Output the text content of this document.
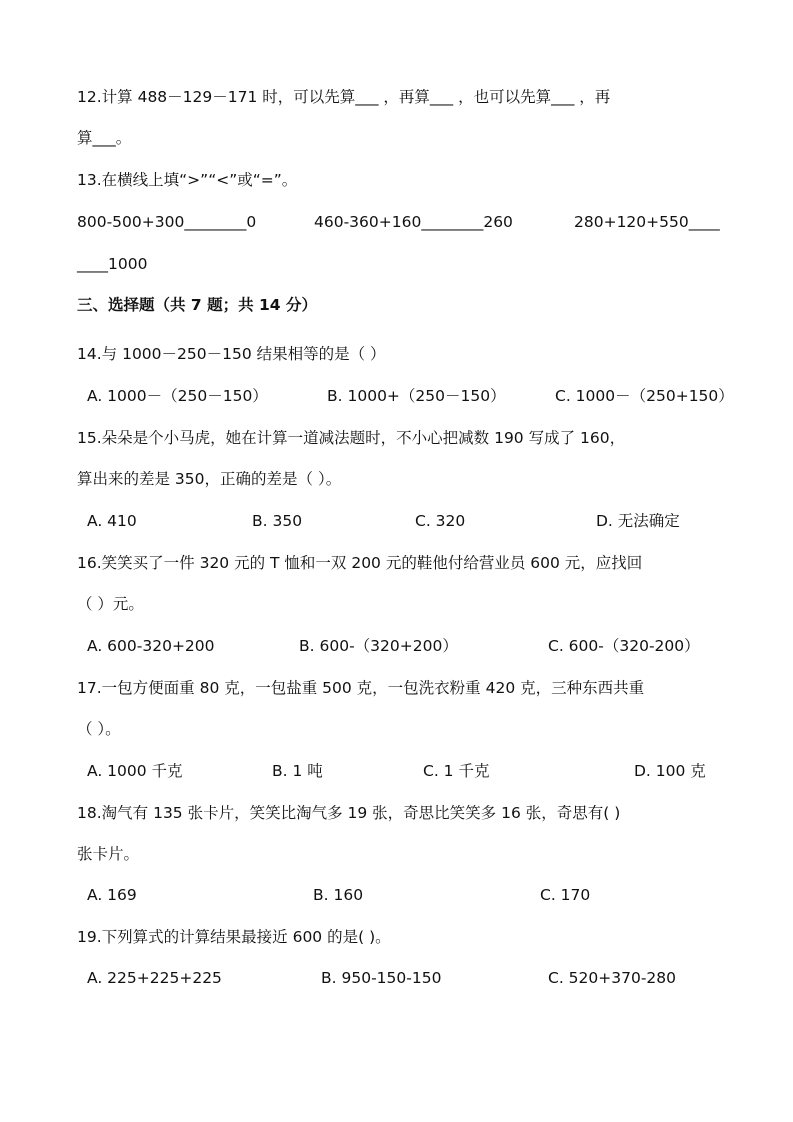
12.计算 488－129－171 时，可以先算___ ，再算___ ，也可以先算___ ，再
算___。
13.在横线上填“>”“<”或“=”。
800-500+300________0	460-360+160________260	280+120+550____
____1000
三、选择题（共 7 题；共 14 分）
14.与 1000－250－150 结果相等的是（ ）
A. 1000－（250－150）	B. 1000+（250－150）	C. 1000－（250+150）
15.朵朵是个小马虎，她在计算一道减法题时，不小心把减数 190 写成了 160，
算出来的差是 350，正确的差是（ ）。
A. 410	B. 350	C. 320	D. 无法确定
16.笑笑买了一件 320 元的 T 恤和一双 200 元的鞋他付给营业员 600 元，应找回
（ ）元。
A. 600-320+200	B. 600-（320+200）	C. 600-（320-200）
17.一包方便面重 80 克，一包盐重 500 克，一包洗衣粉重 420 克，三种东西共重
（ ）。
A. 1000 千克	B. 1 吨	C. 1 千克	D. 100 克
18.淘气有 135 张卡片，笑笑比淘气多 19 张，奇思比笑笑多 16 张，奇思有( )
张卡片。
A. 169	B. 160	C. 170
19.下列算式的计算结果最接近 600 的是( )。
A. 225+225+225	B. 950-150-150	C. 520+370-280
